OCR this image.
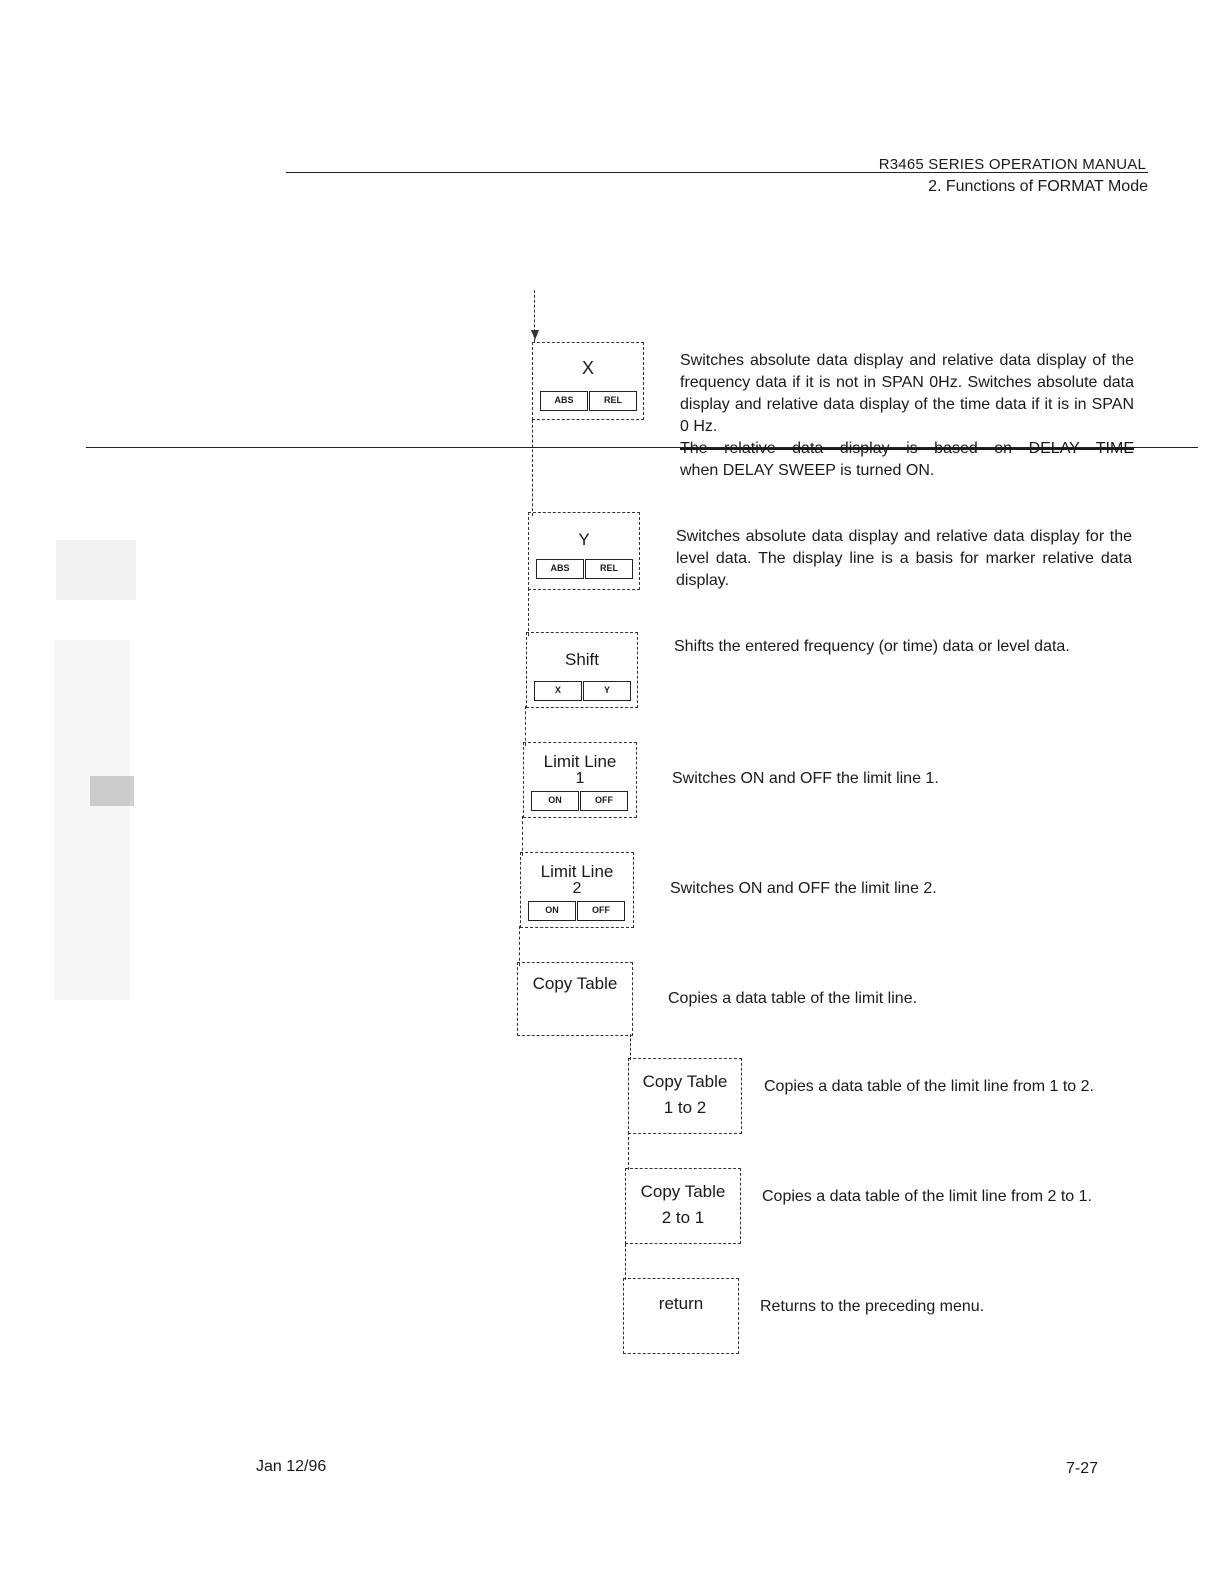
R3465 SERIES OPERATION MANUAL
2. Functions of FORMAT Mode
X
ABS	REL
Switches absolute data display and relative data display of the frequency data if it is not in SPAN 0Hz. Switches absolute data display and relative data display of the time data if it is in SPAN 0 Hz.
The relative data display is based on DELAY TIME
when DELAY SWEEP is turned ON.
Y
ABS	REL
Switches absolute data display and relative data display for the level data. The display line is a basis for marker relative data display.
Shift
X	Y
Shifts the entered frequency (or time) data or level data.
Limit Line
1
ON	OFF
Switches ON and OFF the limit line 1.
Limit Line
2
ON	OFF
Switches ON and OFF the limit line 2.
Copy Table
Copies a data table of the limit line.
Copy Table
1 to 2
Copies a data table of the limit line from 1 to 2.
Copy Table
2 to 1
Copies a data table of the limit line from 2 to 1.
return	Returns to the preceding menu.
Jan 12/96	7-27
